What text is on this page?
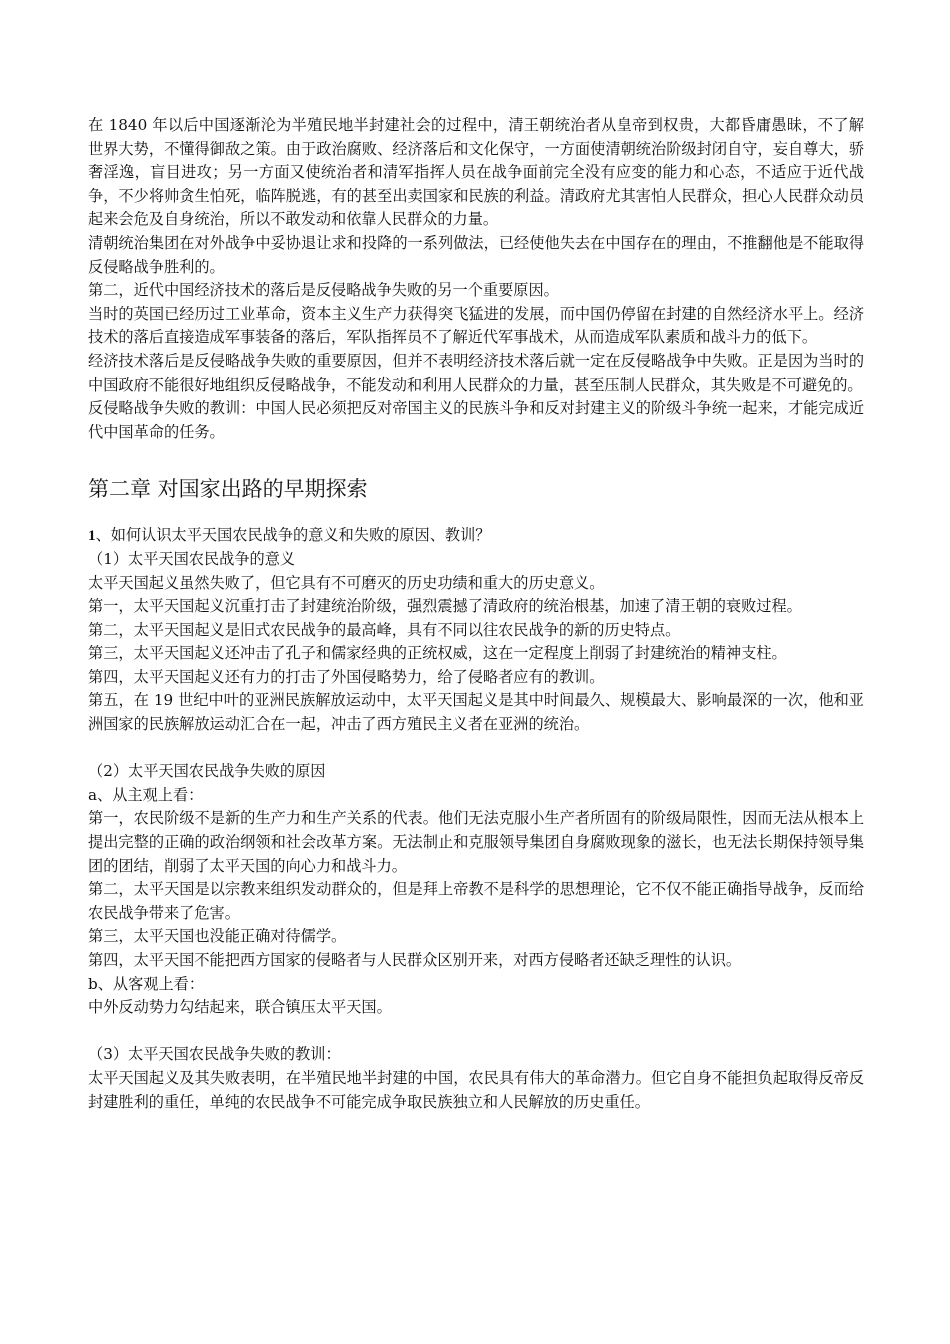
在 1840 年以后中国逐渐沦为半殖民地半封建社会的过程中，清王朝统治者从皇帝到权贵，大都昏庸愚昧，不了解世界大势，不懂得御敌之策。由于政治腐败、经济落后和文化保守，一方面使清朝统治阶级封闭自守，妄自尊大，骄奢淫逸，盲目进攻；另一方面又使统治者和清军指挥人员在战争面前完全没有应变的能力和心态，不适应于近代战争，不少将帅贪生怕死，临阵脱逃，有的甚至出卖国家和民族的利益。清政府尤其害怕人民群众，担心人民群众动员起来会危及自身统治，所以不敢发动和依靠人民群众的力量。

清朝统治集团在对外战争中妥协退让求和投降的一系列做法，已经使他失去在中国存在的理由，不推翻他是不能取得反侵略战争胜利的。

第二，近代中国经济技术的落后是反侵略战争失败的另一个重要原因。

当时的英国已经历过工业革命，资本主义生产力获得突飞猛进的发展，而中国仍停留在封建的自然经济水平上。经济技术的落后直接造成军事装备的落后，军队指挥员不了解近代军事战术，从而造成军队素质和战斗力的低下。

经济技术落后是反侵略战争失败的重要原因，但并不表明经济技术落后就一定在反侵略战争中失败。正是因为当时的中国政府不能很好地组织反侵略战争，不能发动和利用人民群众的力量，甚至压制人民群众，其失败是不可避免的。

反侵略战争失败的教训：中国人民必须把反对帝国主义的民族斗争和反对封建主义的阶级斗争统一起来，才能完成近代中国革命的任务。

第二章 对国家出路的早期探索

1、如何认识太平天国农民战争的意义和失败的原因、教训？

（1）太平天国农民战争的意义

太平天国起义虽然失败了，但它具有不可磨灭的历史功绩和重大的历史意义。

第一，太平天国起义沉重打击了封建统治阶级，强烈震撼了清政府的统治根基，加速了清王朝的衰败过程。

第二，太平天国起义是旧式农民战争的最高峰，具有不同以往农民战争的新的历史特点。

第三，太平天国起义还冲击了孔子和儒家经典的正统权威，这在一定程度上削弱了封建统治的精神支柱。

第四，太平天国起义还有力的打击了外国侵略势力，给了侵略者应有的教训。

第五，在 19 世纪中叶的亚洲民族解放运动中，太平天国起义是其中时间最久、规模最大、影响最深的一次，他和亚洲国家的民族解放运动汇合在一起，冲击了西方殖民主义者在亚洲的统治。

（2）太平天国农民战争失败的原因

a、从主观上看：

第一，农民阶级不是新的生产力和生产关系的代表。他们无法克服小生产者所固有的阶级局限性，因而无法从根本上提出完整的正确的政治纲领和社会改革方案。无法制止和克服领导集团自身腐败现象的滋长，也无法长期保持领导集团的团结，削弱了太平天国的向心力和战斗力。

第二，太平天国是以宗教来组织发动群众的，但是拜上帝教不是科学的思想理论，它不仅不能正确指导战争，反而给农民战争带来了危害。

第三，太平天国也没能正确对待儒学。

第四，太平天国不能把西方国家的侵略者与人民群众区别开来，对西方侵略者还缺乏理性的认识。

b、从客观上看：

中外反动势力勾结起来，联合镇压太平天国。

（3）太平天国农民战争失败的教训：

太平天国起义及其失败表明，在半殖民地半封建的中国，农民具有伟大的革命潜力。但它自身不能担负起取得反帝反封建胜利的重任，单纯的农民战争不可能完成争取民族独立和人民解放的历史重任。
